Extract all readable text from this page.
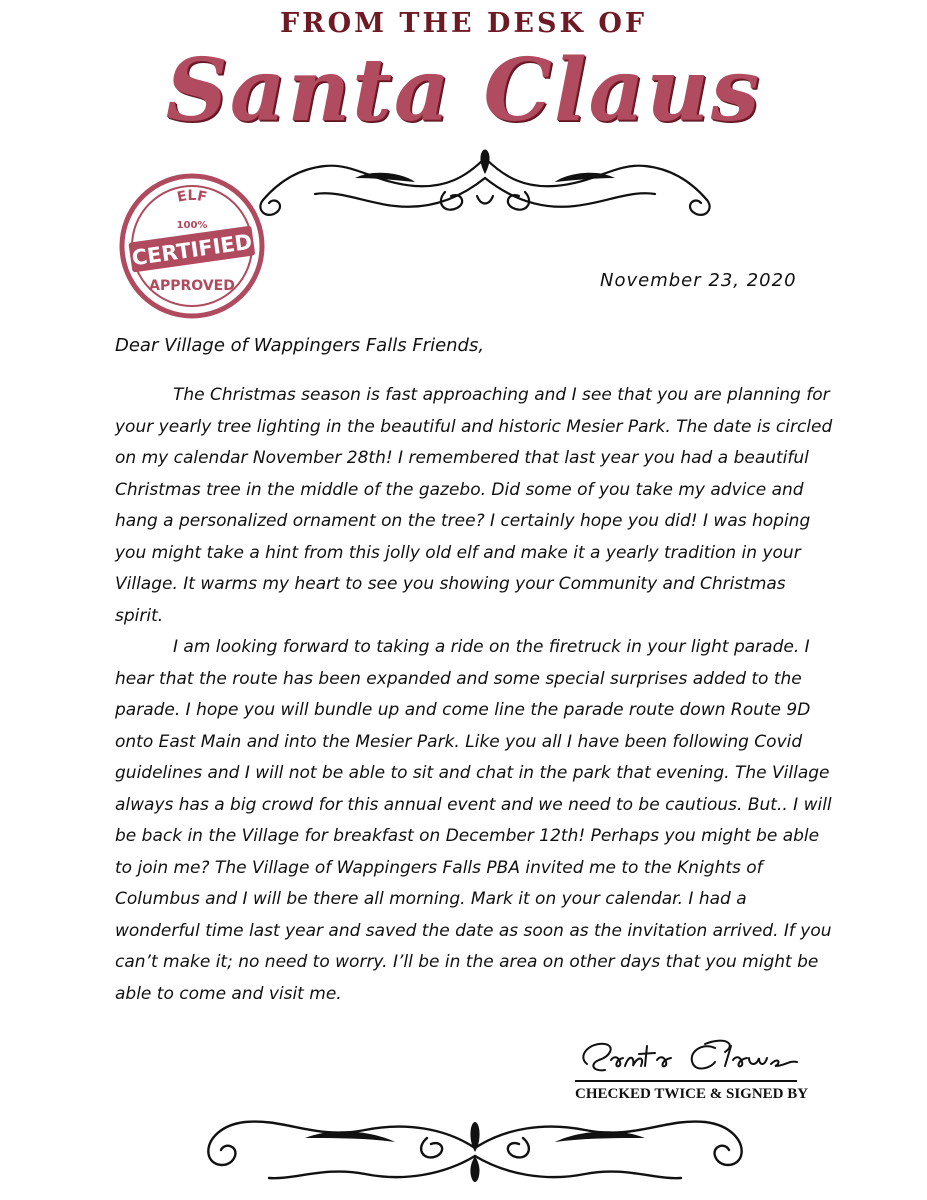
FROM THE DESK OF
Santa Claus
ELF
100%
CERTIFIED
APPROVED	November 23, 2020
Dear Village of Wappingers Falls Friends,

The Christmas season is fast approaching and I see that you are planning for your yearly tree lighting in the beautiful and historic Mesier Park. The date is circled on my calendar November 28th! I remembered that last year you had a beautiful Christmas tree in the middle of the gazebo. Did some of you take my advice and hang a personalized ornament on the tree? I certainly hope you did! I was hoping you might take a hint from this jolly old elf and make it a yearly tradition in your Village. It warms my heart to see you showing your Community and Christmas spirit.

I am looking forward to taking a ride on the firetruck in your light parade. I hear that the route has been expanded and some special surprises added to the parade. I hope you will bundle up and come line the parade route down Route 9D onto East Main and into the Mesier Park. Like you all I have been following Covid guidelines and I will not be able to sit and chat in the park that evening. The Village always has a big crowd for this annual event and we need to be cautious. But.. I will be back in the Village for breakfast on December 12th! Perhaps you might be able to join me? The Village of Wappingers Falls PBA invited me to the Knights of Columbus and I will be there all morning. Mark it on your calendar. I had a wonderful time last year and saved the date as soon as the invitation arrived. If you can’t make it; no need to worry. I’ll be in the area on other days that you might be able to come and visit me.

CHECKED TWICE & SIGNED BY
